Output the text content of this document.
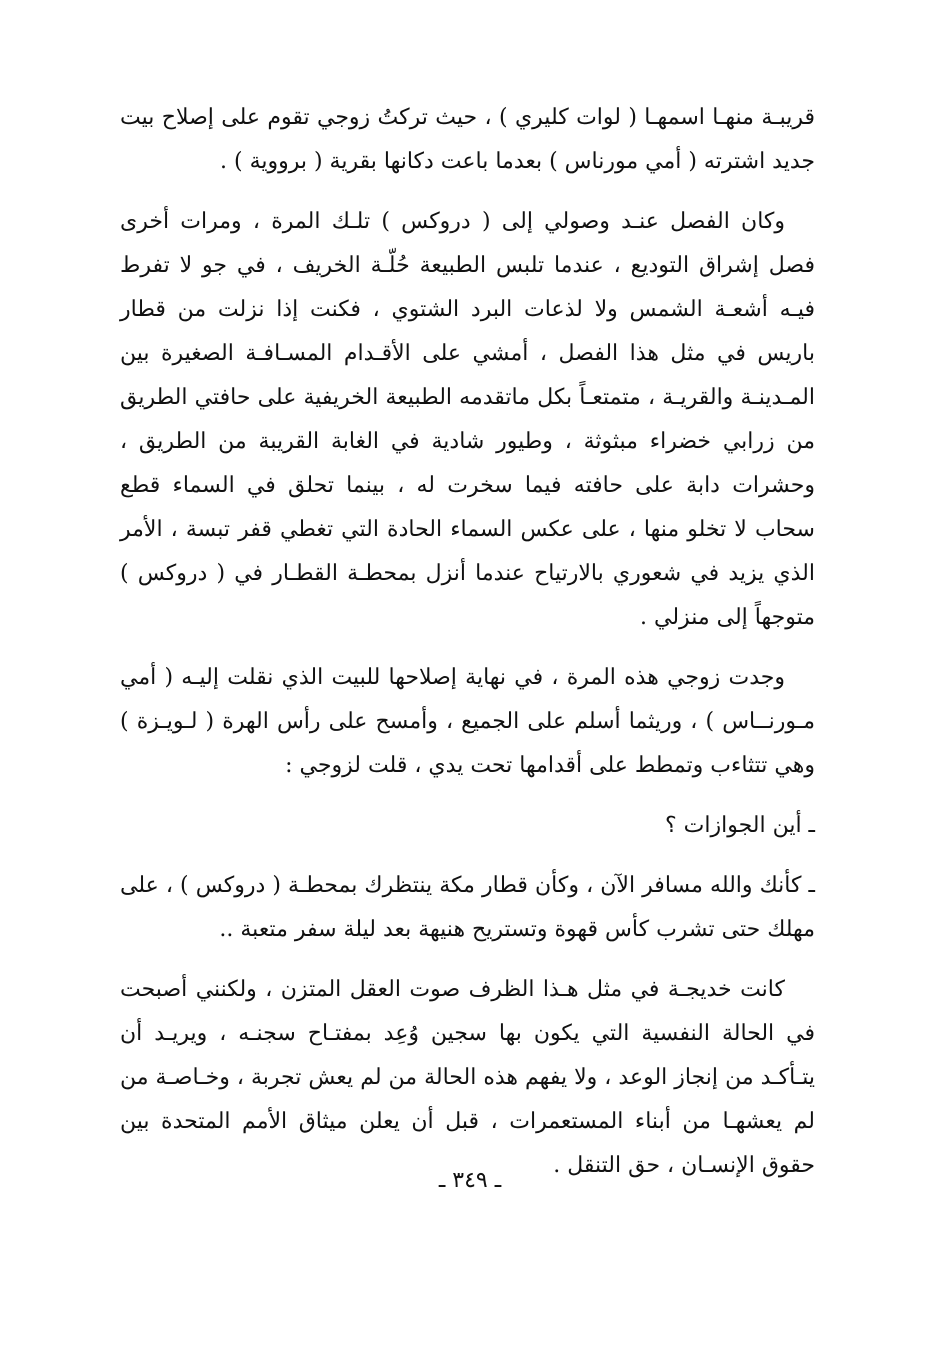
قريبـة منهـا اسمهـا ( لوات كليري ) ، حيث تركتُ زوجي تقوم على إصلاح بيت جديد اشترته ( أمي مورناس ) بعدما باعت دكانها بقرية ( برووية ) .

وكان الفصل عنـد وصولي إلى ( دروكس ) تلـك المرة ، ومرات أخرى فصل إشراق التوديع ، عندما تلبس الطبيعة حُلّـة الخريف ، في جو لا تفرط فيـه أشعـة الشمس ولا لذعات البرد الشتوي ، فكنت إذا نزلت من قطار باريس في مثل هذا الفصل ، أمشي على الأقـدام المسـافـة الصغيرة بين المـدينـة والقريـة ، متمتعـاً بكل ماتقدمه الطبيعة الخريفية على حافتي الطريق من زرابي خضراء مبثوثة ، وطيور شادية في الغابة القريبة من الطريق ، وحشرات دابة على حافته فيما سخرت له ، بينما تحلق في السماء قطع سحاب لا تخلو منها ، على عكس السماء الحادة التي تغطي قفر تبسة ، الأمر الذي يزيد في شعوري بالارتياح عندما أنزل بمحطـة القطـار في ( دروكس ) متوجهاً إلى منزلي .

وجدت زوجي هذه المرة ، في نهاية إصلاحها للبيت الذي نقلت إليـه ( أمي مـورنــاس ) ، وريثما أسلم على الجميع ، وأمسح على رأس الهرة ( لـويـزة ) وهي تتثاءب وتمطط على أقدامها تحت يدي ، قلت لزوجي :

ـ أين الجوازات ؟

ـ كأنك والله مسافر الآن ، وكأن قطار مكة ينتظرك بمحطـة ( دروكس ) ، على مهلك حتى تشرب كأس قهوة وتستريح هنيهة بعد ليلة سفر متعبة ..

كانت خديجـة في مثل هـذا الظرف صوت العقل المتزن ، ولكنني أصبحت في الحالة النفسية التي يكون بها سجين وُعِد بمفتـاح سجنـه ، ويريـد أن يتـأكـد من إنجاز الوعد ، ولا يفهم هذه الحالة من لم يعش تجربة ، وخـاصـة من لم يعشهـا من أبناء المستعمرات ، قبل أن يعلن ميثاق الأمم المتحدة بين حقوق الإنسـان ، حق التنقل .

ـ ٣٤٩ ـ
